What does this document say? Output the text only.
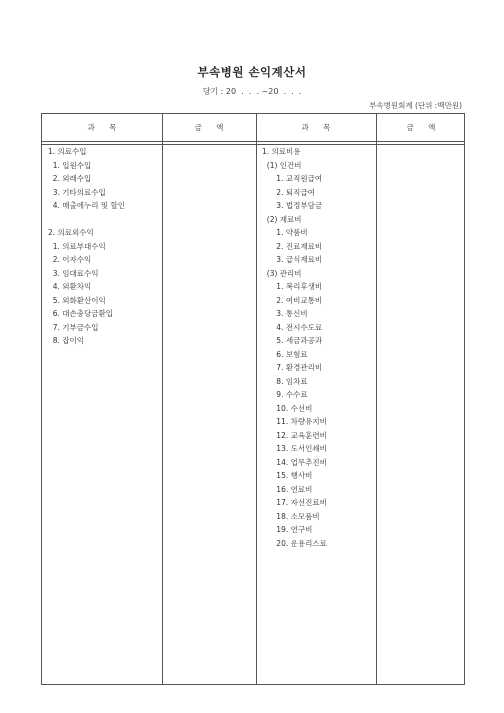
부속병원 손익계산서
당기 : 20  .  .  . ~20  .  .  .
부속병원회계 (단위 :백만원)
과      목	금      액	과      목	금      액
1. 의료수입
1. 입원수입
2. 외래수입
3. 기타의료수입
4. 매출에누리 및 할인
2. 의료외수익
1. 의료부대수익
2. 이자수익
3. 임대료수익
4. 외환차익
5. 외화환산이익
6. 대손충당금환입
7. 기부금수입
8. 잡이익
1. 의료비용
(1) 인건비
1. 교직원급여
2. 퇴직급여
3. 법정부담금
(2) 재료비
1. 약품비
2. 진료재료비
3. 급식재료비
(3) 관리비
1. 복리후생비
2. 여비교통비
3. 통신비
4. 전시수도료
5. 세금과공과
6. 보험료
7. 환경관리비
8. 임차료
9. 수수료
10. 수선비
11. 차량유지비
12. 교육훈련비
13. 도서인쇄비
14. 업무추진비
15. 행사비
16. 연료비
17. 자선진료비
18. 소모품비
19. 연구비
20. 운용리스료
